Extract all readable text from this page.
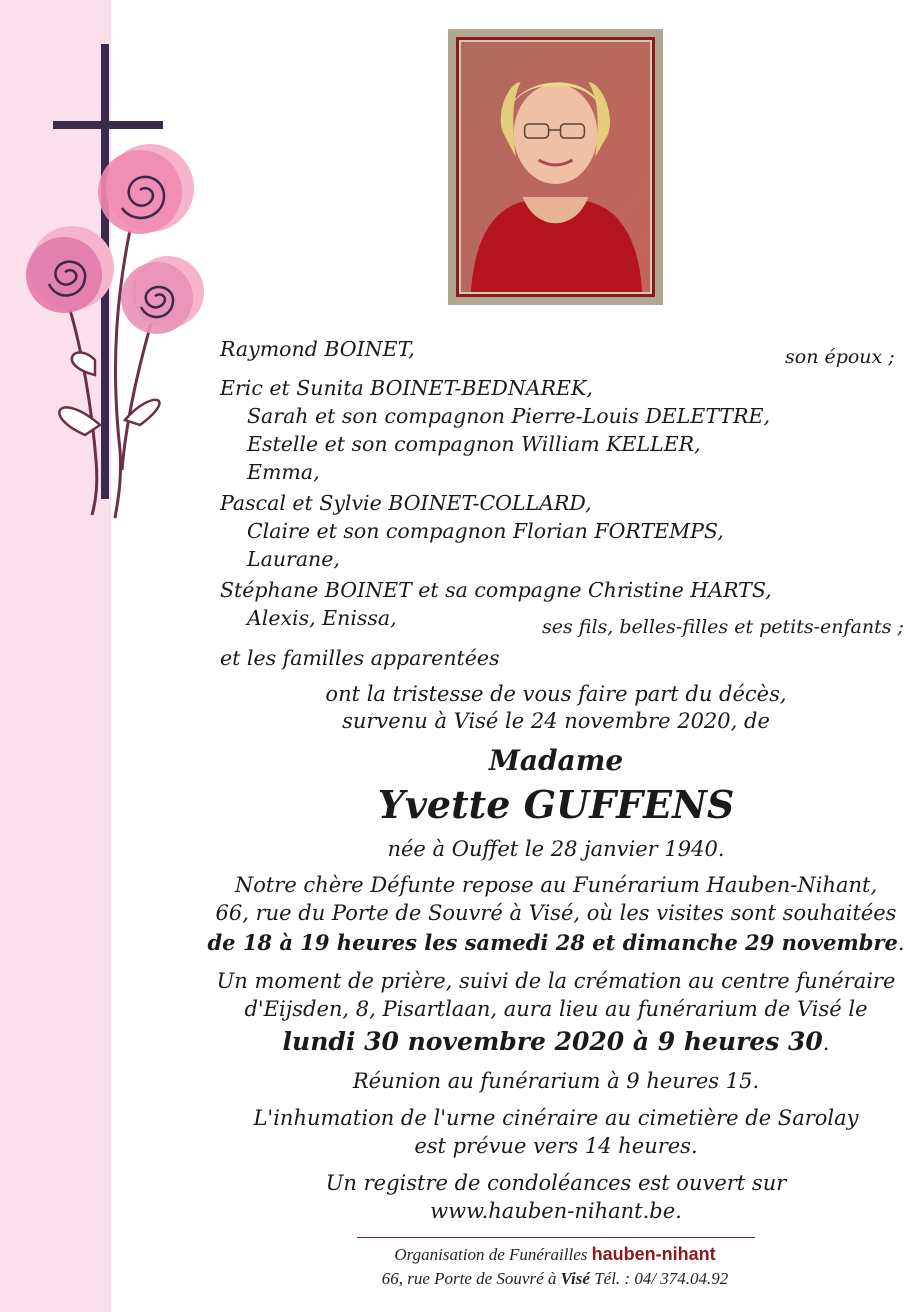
Raymond BOINET,	son époux ;
Eric et Sunita BOINET-BEDNAREK,
Sarah et son compagnon Pierre-Louis DELETTRE,
Estelle et son compagnon William KELLER,
Emma,
Pascal et Sylvie BOINET-COLLARD,
Claire et son compagnon Florian FORTEMPS,
Laurane,
Stéphane BOINET et sa compagne Christine HARTS,
Alexis, Enissa,	ses fils, belles-filles et petits-enfants ;
et les familles apparentées
ont la tristesse de vous faire part du décès,
survenu à Visé le 24 novembre 2020, de
Madame
Yvette GUFFENS
née à Ouffet le 28 janvier 1940.
Notre chère Défunte repose au Funérarium Hauben-Nihant,
66, rue du Porte de Souvré à Visé, où les visites sont souhaitées
de 18 à 19 heures les samedi 28 et dimanche 29 novembre.
Un moment de prière, suivi de la crémation au centre funéraire
d'Eijsden, 8, Pisartlaan, aura lieu au funérarium de Visé le
lundi 30 novembre 2020 à 9 heures 30.
Réunion au funérarium à 9 heures 15.
L'inhumation de l'urne cinéraire au cimetière de Sarolay
est prévue vers 14 heures.
Un registre de condoléances est ouvert sur
www.hauben-nihant.be.
Organisation de Funérailles hauben-nihant
66, rue Porte de Souvré à Visé Tél. : 04/ 374.04.92
